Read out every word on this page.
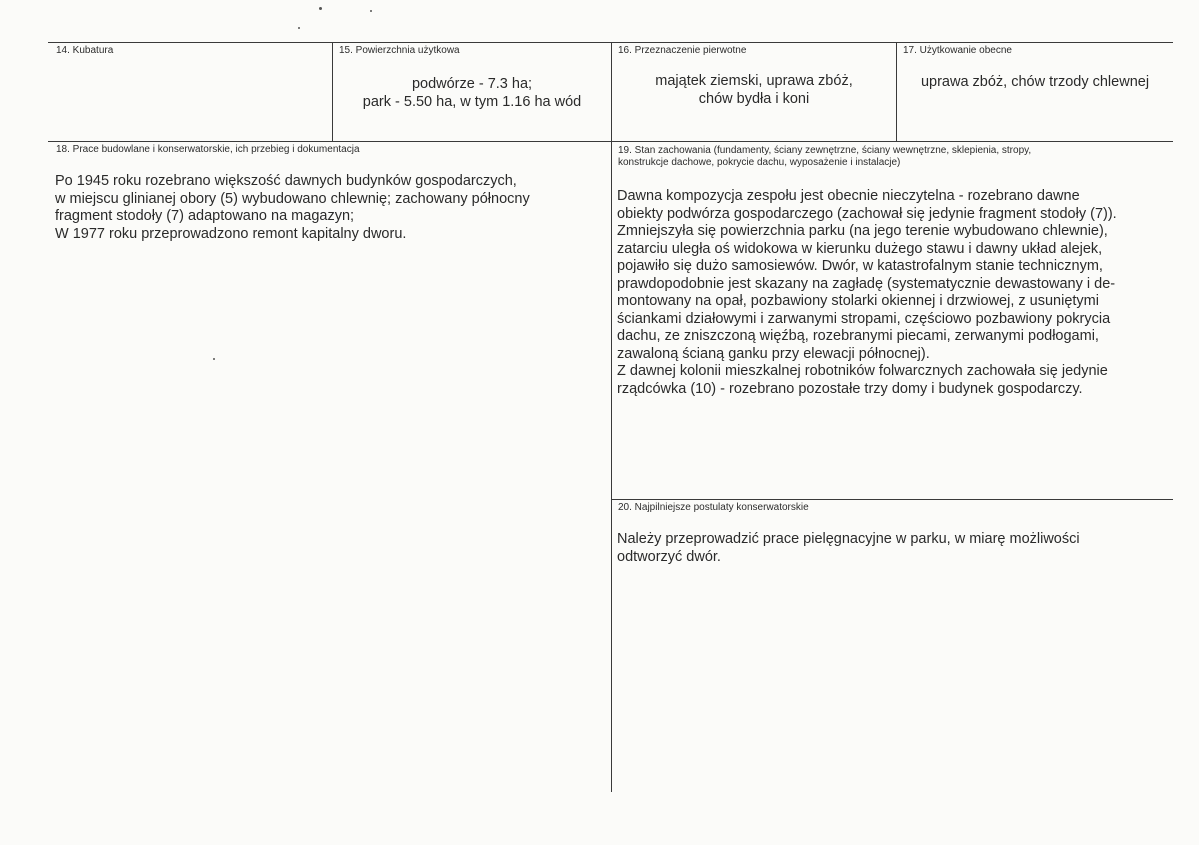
14. Kubatura	15. Powierzchnia użytkowa
podwórze - 7.3 ha;
park - 5.50 ha, w tym 1.16 ha wód
16. Przeznaczenie pierwotne
majątek ziemski, uprawa zbóż,
chów bydła i koni
17. Użytkowanie obecne
uprawa zbóż, chów trzody chlewnej
18. Prace budowlane i konserwatorskie, ich przebieg i dokumentacja

Po 1945 roku rozebrano większość dawnych budynków gospodarczych,
w miejscu glinianej obory (5) wybudowano chlewnię; zachowany północny
fragment stodoły (7) adaptowano na magazyn;
W 1977 roku przeprowadzono remont kapitalny dworu.

19. Stan zachowania (fundamenty, ściany zewnętrzne, ściany wewnętrzne, sklepienia, stropy,
konstrukcje dachowe, pokrycie dachu, wyposażenie i instalacje)

Dawna kompozycja zespołu jest obecnie nieczytelna - rozebrano dawne
obiekty podwórza gospodarczego (zachował się jedynie fragment stodoły (7)).
Zmniejszyła się powierzchnia parku (na jego terenie wybudowano chlewnie),
zatarciu uległa oś widokowa w kierunku dużego stawu i dawny układ alejek,
pojawiło się dużo samosiewów. Dwór, w katastrofalnym stanie technicznym,
prawdopodobnie jest skazany na zagładę (systematycznie dewastowany i de-
montowany na opał, pozbawiony stolarki okiennej i drzwiowej, z usuniętymi
ściankami działowymi i zarwanymi stropami, częściowo pozbawiony pokrycia
dachu, ze zniszczoną więźbą, rozebranymi piecami, zerwanymi podłogami,
zawaloną ścianą ganku przy elewacji północnej).
Z dawnej kolonii mieszkalnej robotników folwarcznych zachowała się jedynie
rządcówka (10) - rozebrano pozostałe trzy domy i budynek gospodarczy.

20. Najpilniejsze postulaty konserwatorskie

Należy przeprowadzić prace pielęgnacyjne w parku, w miarę możliwości
odtworzyć dwór.
